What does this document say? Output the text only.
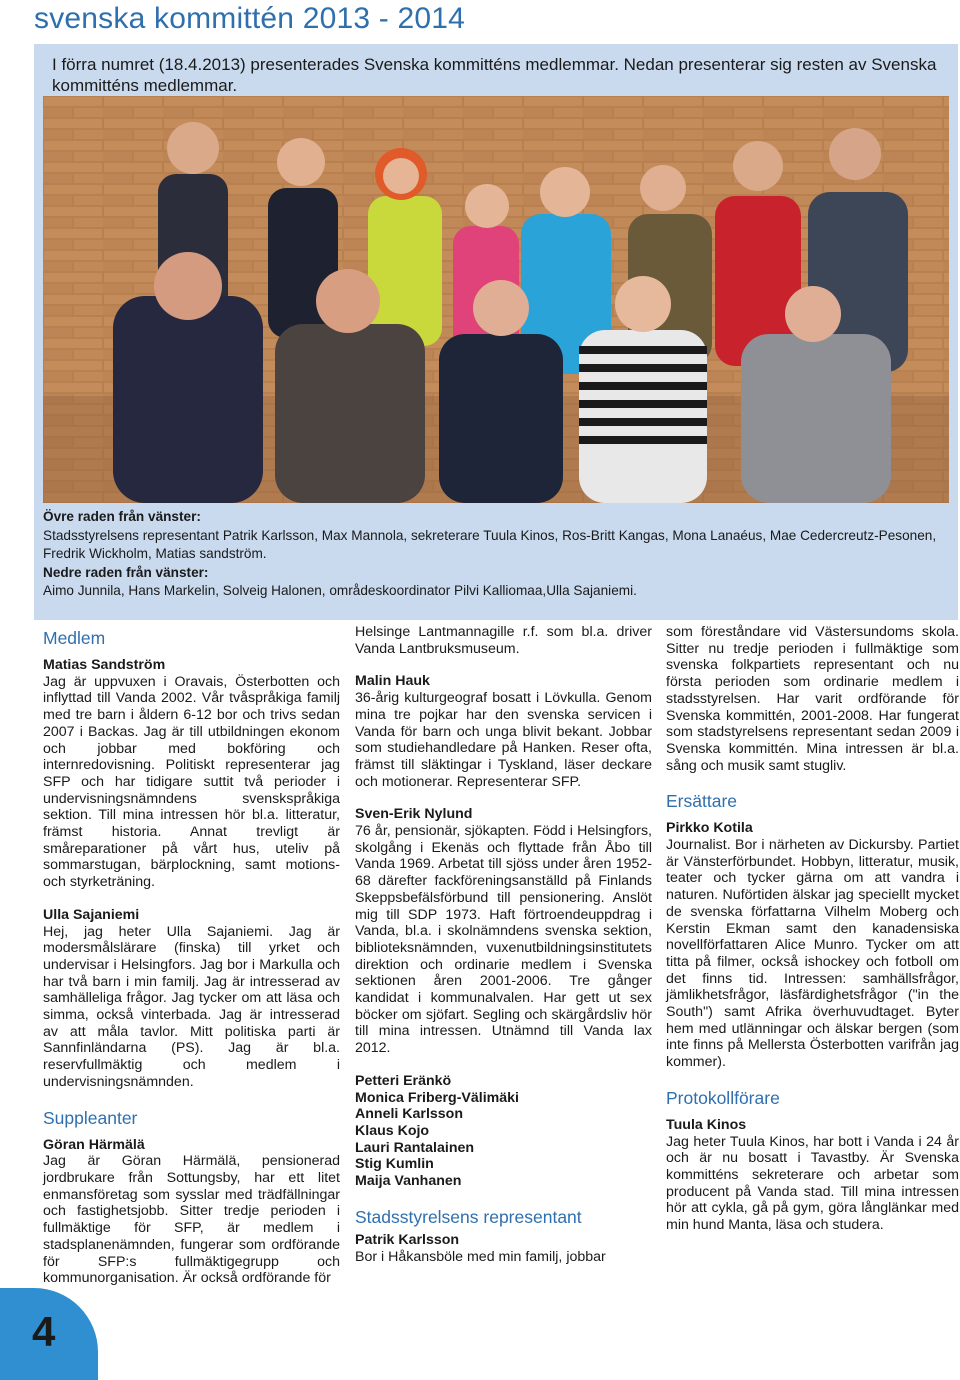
svenska kommittén 2013 - 2014
I förra numret (18.4.2013) presenterades Svenska kommitténs medlemmar. Nedan presenterar sig resten av Svenska kommitténs medlemmar.
Övre raden från vänster:
Stadsstyrelsens representant Patrik Karlsson, Max Mannola, sekreterare Tuula Kinos, Ros-Britt Kangas, Mona Lanaéus, Mae Cedercreutz-Pesonen, Fredrik Wickholm, Matias sandström.
Nedre raden från vänster:
Aimo Junnila, Hans Markelin, Solveig Halonen, områdeskoordinator Pilvi Kalliomaa,Ulla Sajaniemi.
Medlem
Matias Sandström
Jag är uppvuxen i Oravais, Österbotten och inflyttad till Vanda 2002. Vår tvåspråkiga familj med tre barn i åldern 6-12 bor och trivs sedan 2007 i Backas. Jag är till utbildningen ekonom och jobbar med bokföring och internredovisning. Politiskt representerar jag SFP och har tidigare suttit två perioder i undervisningsnämndens svenskspråkiga sektion. Till mina intressen hör bl.a. litteratur, främst historia. Annat trevligt är småreparationer på vårt hus, uteliv på sommarstugan, bärplockning, samt motions- och styrketräning.
Ulla Sajaniemi
Hej, jag heter Ulla Sajaniemi. Jag är modersmålslärare (finska) till yrket och undervisar i Helsingfors. Jag bor i Markulla och har två barn i min familj. Jag är intresserad av samhälleliga frågor. Jag tycker om att läsa och simma, också vinterbada. Jag är intresserad av att måla tavlor. Mitt politiska parti är Sannfinländarna (PS). Jag är bl.a. reservfullmäktig och medlem i undervisningsnämnden.
Suppleanter
Göran Härmälä
Jag är Göran Härmälä, pensionerad jordbrukare från Sottungsby, har ett litet enmansföretag som sysslar med trädfällningar och fastighetsjobb. Sitter tredje perioden i fullmäktige för SFP, är medlem i stadsplanenämnden, fungerar som ordförande för SFP:s fullmäktigegrupp och kommunorganisation. Är också ordförande för
Helsinge Lantmannagille r.f. som bl.a. driver Vanda Lantbruksmuseum.
Malin Hauk
36-årig kulturgeograf bosatt i Lövkulla. Genom mina tre pojkar har den svenska servicen i Vanda för barn och unga blivit bekant. Jobbar som studiehandledare på Hanken. Reser ofta, främst till släktingar i Tyskland, läser deckare och motionerar. Representerar SFP.
Sven-Erik Nylund
76 år, pensionär, sjökapten. Född i Helsingfors, skolgång i Ekenäs och flyttade från Åbo till Vanda 1969. Arbetat till sjöss under åren 1952-68 därefter fackföreningsanställd på Finlands Skeppsbefälsförbund till pensionering. Anslöt mig till SDP 1973. Haft förtroendeuppdrag i Vanda, bl.a. i skolnämndens svenska sektion, biblioteksnämnden, vuxenutbildningsinstitutets direktion och ordinarie medlem i Svenska sektionen åren 2001-2006. Tre gånger kandidat i kommunalvalen. Har gett ut sex böcker om sjöfart. Segling och skärgårdsliv hör till mina intressen. Utnämnd till Vanda lax 2012.
Petteri Eränkö
Monica Friberg-Välimäki
Anneli Karlsson
Klaus Kojo
Lauri Rantalainen
Stig Kumlin
Maija Vanhanen
Stadsstyrelsens representant
Patrik Karlsson
Bor i Håkansböle med min familj, jobbar
som föreståndare vid Västersundoms skola. Sitter nu tredje perioden i fullmäktige som svenska folkpartiets representant och nu första perioden som ordinarie medlem i stadsstyrelsen. Har varit ordförande för Svenska kommittén, 2001-2008. Har fungerat som stadstyrelsens representant sedan 2009 i Svenska kommittén. Mina intressen är bl.a. sång och musik samt stugliv.
Ersättare
Pirkko Kotila
Journalist. Bor i närheten av Dickursby. Partiet är Vänsterförbundet. Hobbyn, litteratur, musik, teater och tycker gärna om att vandra i naturen. Nuförtiden älskar jag speciellt mycket de svenska författarna Vilhelm Moberg och Kerstin Ekman samt den kanadensiska novellförfattaren Alice Munro. Tycker om att titta på filmer, också ishockey och fotboll om det finns tid. Intressen: samhällsfrågor, jämlikhetsfrågor, läsfärdighetsfrågor ("in the South") samt Afrika överhuvudtaget. Byter hem med utlänningar och älskar bergen (som inte finns på Mellersta Österbotten varifrån jag kommer).
Protokollförare
Tuula Kinos
Jag heter Tuula Kinos, har bott i Vanda i 24 år och är nu bosatt i Tavastby. Är Svenska kommitténs sekreterare och arbetar som producent på Vanda stad. Till mina intressen hör att cykla, gå på gym, göra långlänkar med min hund Manta, läsa och studera.
4
